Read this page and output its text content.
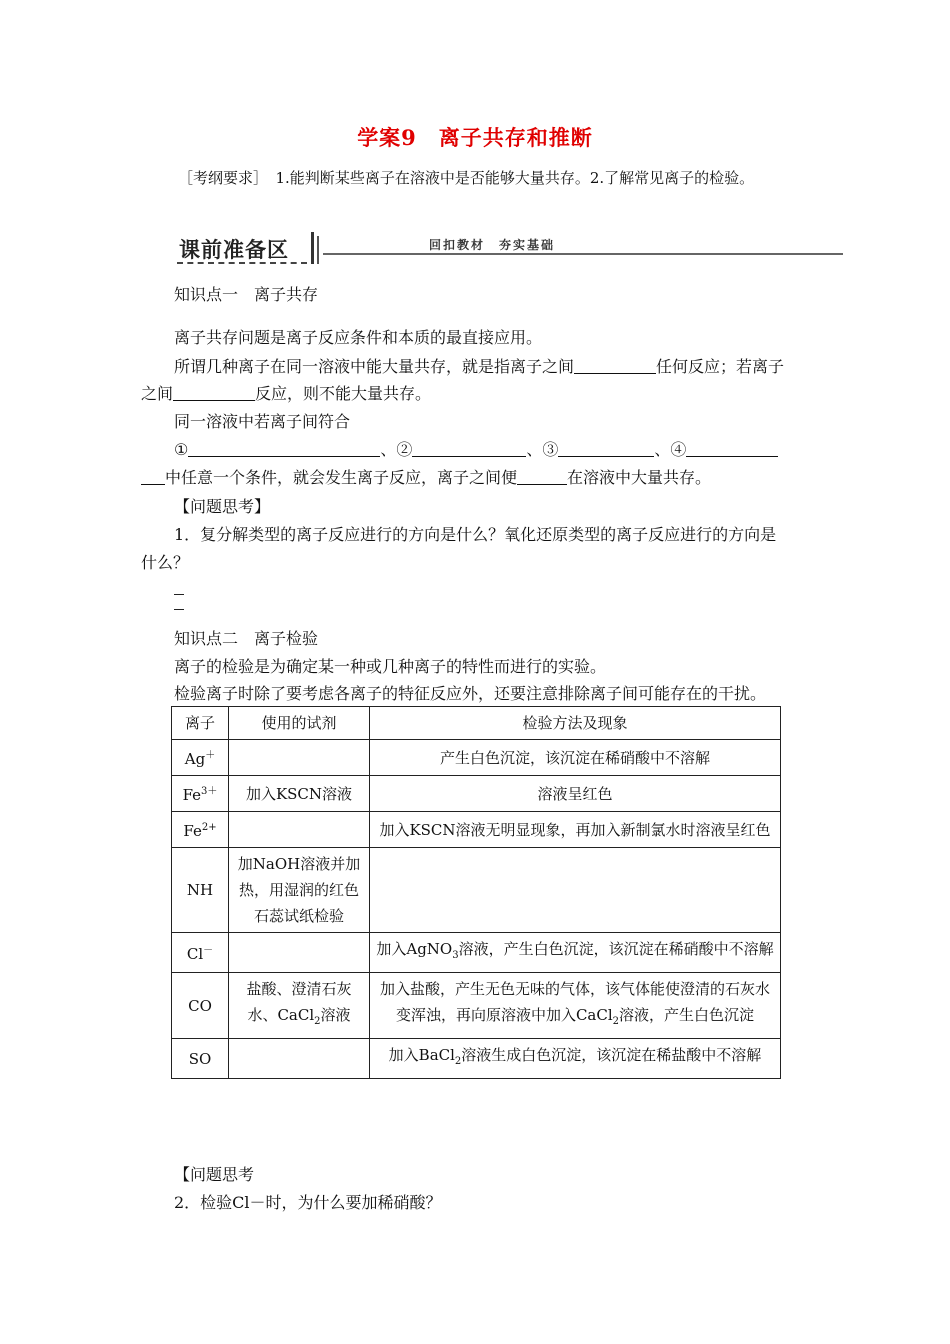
学案9　离子共存和推断
［考纲要求］　1.能判断某些离子在溶液中是否能够大量共存。2.了解常见离子的检验。
课前准备区	回扣教材　夯实基础
知识点一　离子共存
离子共存问题是离子反应条件和本质的最直接应用。
所谓几种离子在同一溶液中能大量共存，就是指离子之间	任何反应；若离子
之间	反应，则不能大量共存。
同一溶液中若离子间符合
①	、②	、③	、④
中任意一个条件，就会发生离子反应，离子之间便	在溶液中大量共存。
【问题思考】
1．复分解类型的离子反应进行的方向是什么？氧化还原类型的离子反应进行的方向是
什么？
知识点二　离子检验
离子的检验是为确定某一种或几种离子的特性而进行的实验。
检验离子时除了要考虑各离子的特征反应外，还要注意排除离子间可能存在的干扰。
离子	使用的试剂	检验方法及现象
Ag＋		产生白色沉淀，该沉淀在稀硝酸中不溶解
$Fe^{3+}$	加入KSCN溶液	溶液呈红色
$Fe^{2+}$		加入KSCN溶液无明显现象，再加入新制氯水时溶液呈红色
NH	加NaOH溶液并加热，用湿润的红色石蕊试纸检验	
Cl－		加入AgNO$_3$溶液，产生白色沉淀，该沉淀在稀硝酸中不溶解
CO	盐酸、澄清石灰水、CaCl$_2$溶液	加入盐酸，产生无色无味的气体，该气体能使澄清的石灰水变浑浊，再向原溶液中加入CaCl$_2$溶液，产生白色沉淀
SO		加入BaCl$_2$溶液生成白色沉淀，该沉淀在稀盐酸中不溶解
【问题思考
2．检验Cl－时，为什么要加稀硝酸？
